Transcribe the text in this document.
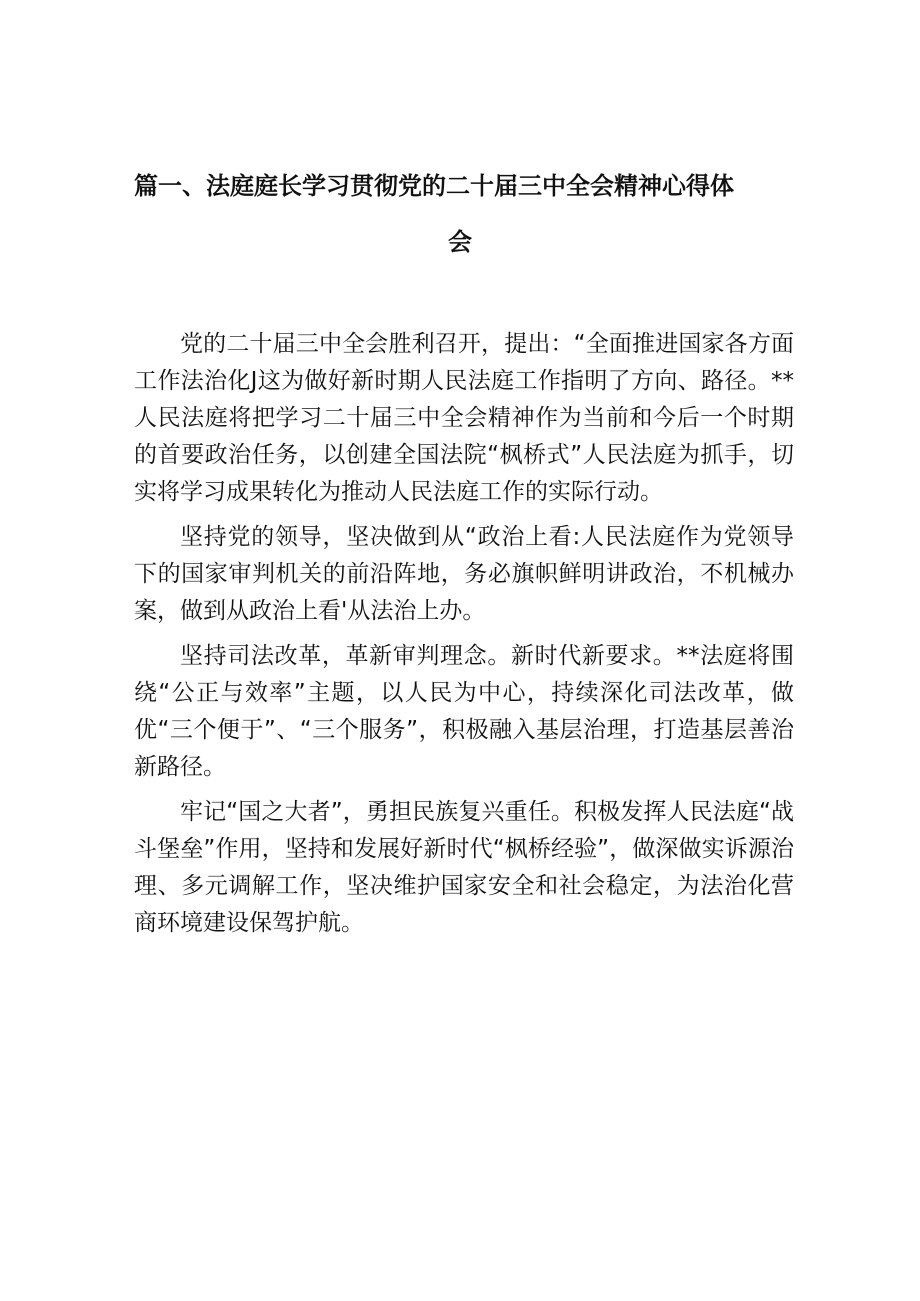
篇一、法庭庭长学习贯彻党的二十届三中全会精神心得体
会

党的二十届三中全会胜利召开，提出：“全面推进国家各方面工作法治化J这为做好新时期人民法庭工作指明了方向、路径。**人民法庭将把学习二十届三中全会精神作为当前和今后一个时期的首要政治任务，以创建全国法院“枫桥式”人民法庭为抓手，切实将学习成果转化为推动人民法庭工作的实际行动。

坚持党的领导，坚决做到从“政治上看:人民法庭作为党领导下的国家审判机关的前沿阵地，务必旗帜鲜明讲政治，不机械办案，做到从政治上看'从法治上办。

坚持司法改革，革新审判理念。新时代新要求。**法庭将围绕“公正与效率”主题，以人民为中心，持续深化司法改革，做优“三个便于”、“三个服务”，积极融入基层治理，打造基层善治新路径。

牢记“国之大者”，勇担民族复兴重任。积极发挥人民法庭“战斗堡垒”作用，坚持和发展好新时代“枫桥经验”，做深做实诉源治理、多元调解工作，坚决维护国家安全和社会稳定，为法治化营商环境建设保驾护航。
